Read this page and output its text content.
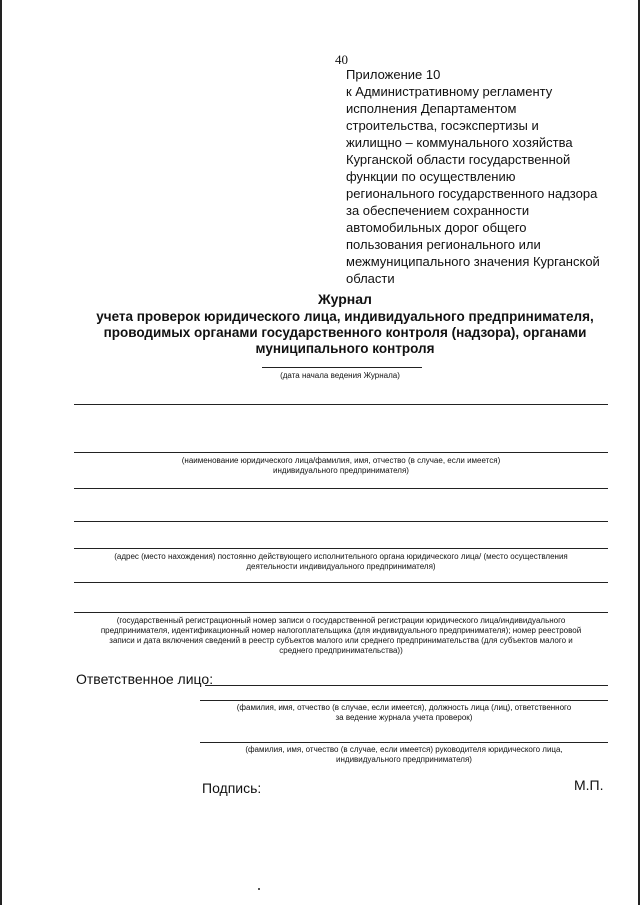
40
Приложение 10
к Административному регламенту
исполнения Департаментом
строительства, госэкспертизы и
жилищно – коммунального хозяйства
Курганской области государственной
функции по осуществлению
регионального государственного надзора
за обеспечением сохранности
автомобильных дорог общего
пользования регионального или
межмуниципального значения Курганской
области
Журнал
учета проверок юридического лица, индивидуального предпринимателя,
проводимых органами государственного контроля (надзора), органами
муниципального контроля
(дата начала ведения Журнала)
(наименование юридического лица/фамилия, имя, отчество (в случае, если имеется)
индивидуального предпринимателя)
(адрес (место нахождения) постоянно действующего исполнительного органа юридического лица/ (место осуществления
деятельности индивидуального предпринимателя)
(государственный регистрационный номер записи о государственной регистрации юридического лица/индивидуального
предпринимателя, идентификационный номер налогоплательщика (для индивидуального предпринимателя); номер реестровой
записи и дата включения сведений в реестр субъектов малого или среднего предпринимательства (для субъектов малого и
среднего предпринимательства))
Ответственное лицо:
(фамилия, имя, отчество (в случае, если имеется), должность лица (лиц), ответственного
за ведение журнала учета проверок)
(фамилия, имя, отчество (в случае, если имеется) руководителя юридического лица,
индивидуального предпринимателя)
Подпись:	М.П.
